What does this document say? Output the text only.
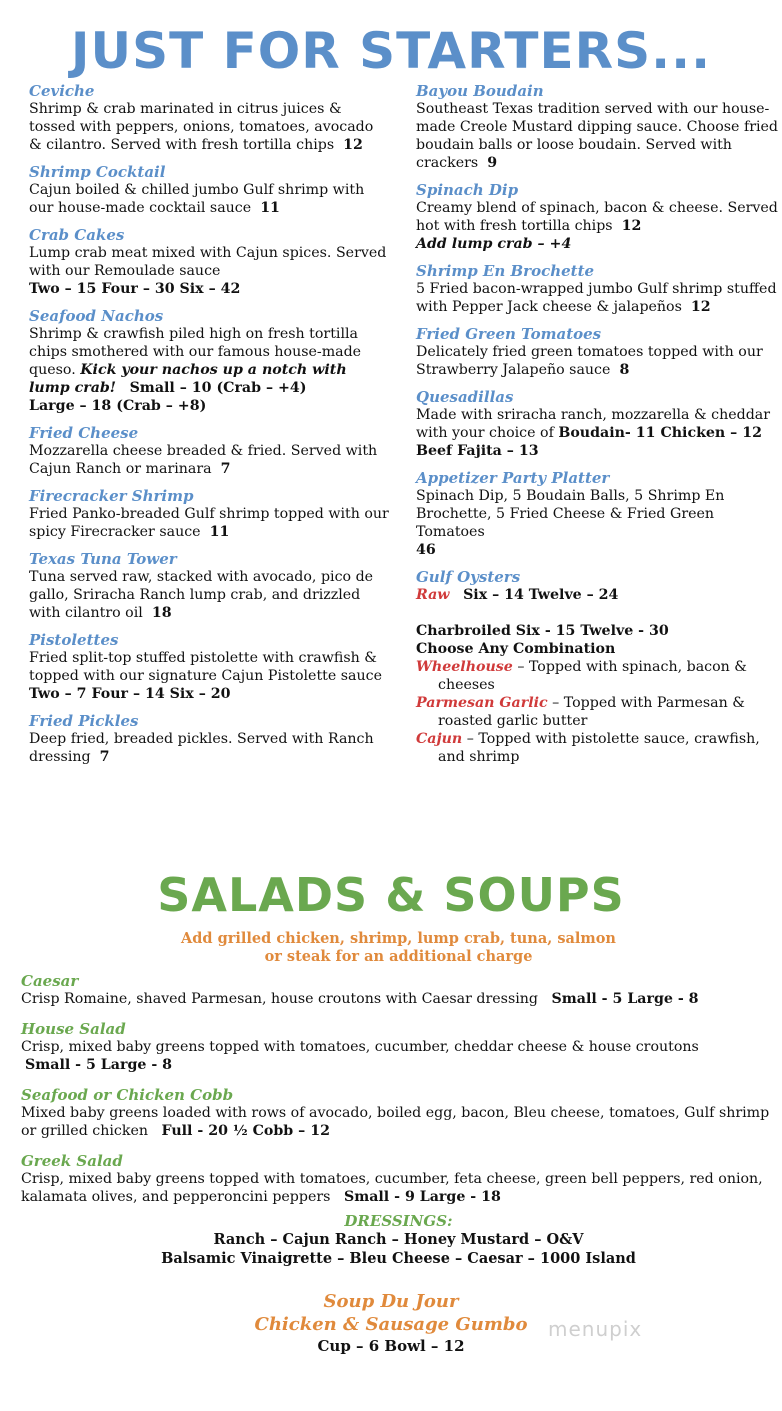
JUST FOR STARTERS...
Ceviche
Shrimp & crab marinated in citrus juices & tossed with peppers, onions, tomatoes, avocado & cilantro. Served with fresh tortilla chips 12
Shrimp Cocktail
Cajun boiled & chilled jumbo Gulf shrimp with our house-made cocktail sauce 11
Crab Cakes
Lump crab meat mixed with Cajun spices. Served with our Remoulade sauce
Two – 15 Four – 30 Six – 42
Seafood Nachos
Shrimp & crawfish piled high on fresh tortilla chips smothered with our famous house-made queso. Kick your nachos up a notch with lump crab! Small – 10 (Crab – +4)
Large – 18 (Crab – +8)
Fried Cheese
Mozzarella cheese breaded & fried. Served with Cajun Ranch or marinara 7
Firecracker Shrimp
Fried Panko-breaded Gulf shrimp topped with our spicy Firecracker sauce 11
Texas Tuna Tower
Tuna served raw, stacked with avocado, pico de gallo, Sriracha Ranch lump crab, and drizzled with cilantro oil 18
Pistolettes
Fried split-top stuffed pistolette with crawfish & topped with our signature Cajun Pistolette sauce
Two – 7 Four – 14 Six – 20
Fried Pickles
Deep fried, breaded pickles. Served with Ranch dressing 7
Bayou Boudain
Southeast Texas tradition served with our house-made Creole Mustard dipping sauce. Choose fried boudain balls or loose boudain. Served with crackers 9
Spinach Dip
Creamy blend of spinach, bacon & cheese. Served hot with fresh tortilla chips 12
Add lump crab – +4
Shrimp En Brochette
5 Fried bacon-wrapped jumbo Gulf shrimp stuffed with Pepper Jack cheese & jalapeños 12
Fried Green Tomatoes
Delicately fried green tomatoes topped with our Strawberry Jalapeño sauce 8
Quesadillas
Made with sriracha ranch, mozzarella & cheddar with your choice of Boudain- 11 Chicken – 12
Beef Fajita – 13
Appetizer Party Platter
Spinach Dip, 5 Boudain Balls, 5 Shrimp En Brochette, 5 Fried Cheese & Fried Green Tomatoes
46
Gulf Oysters
Raw Six – 14 Twelve – 24
Charbroiled Six - 15 Twelve - 30
Choose Any Combination
Wheelhouse – Topped with spinach, bacon &
cheeses
Parmesan Garlic – Topped with Parmesan &
roasted garlic butter
Cajun – Topped with pistolette sauce, crawfish,
and shrimp
SALADS & SOUPS
Add grilled chicken, shrimp, lump crab, tuna, salmon
or steak for an additional charge
Caesar
Crisp Romaine, shaved Parmesan, house croutons with Caesar dressing Small - 5 Large - 8
House Salad
Crisp, mixed baby greens topped with tomatoes, cucumber, cheddar cheese & house croutons
Small - 5 Large - 8
Seafood or Chicken Cobb
Mixed baby greens loaded with rows of avocado, boiled egg, bacon, Bleu cheese, tomatoes, Gulf shrimp or grilled chicken Full - 20 ½ Cobb – 12
Greek Salad
Crisp, mixed baby greens topped with tomatoes, cucumber, feta cheese, green bell peppers, red onion, kalamata olives, and pepperoncini peppers Small - 9 Large - 18
DRESSINGS:
Ranch – Cajun Ranch – Honey Mustard – O&V
Balsamic Vinaigrette – Bleu Cheese – Caesar – 1000 Island
Soup Du Jour
Chicken & Sausage Gumbo
Cup – 6 Bowl – 12
menupix
